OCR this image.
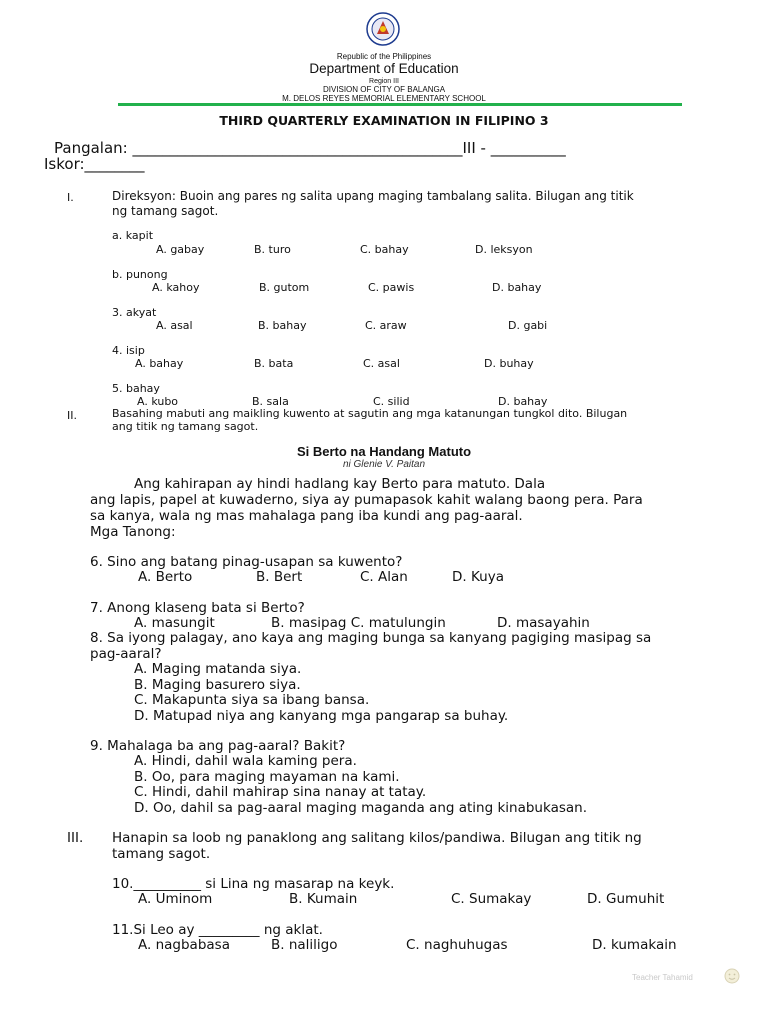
Republic of the Philippines
Department of Education
Region III
DIVISION OF CITY OF BALANGA
M. DELOS REYES MEMORIAL ELEMENTARY SCHOOL
THIRD QUARTERLY EXAMINATION IN FILIPINO 3
Pangalan: ____________________________________________III - __________
Iskor:________
I.	Direksyon: Buoin ang pares ng salita upang maging tambalang salita. Bilugan ang titik
ng tamang sagot.
a. kapit
A. gabay	B. turo	C. bahay	D. leksyon
b. punong
A. kahoy	B. gutom	C. pawis	D. bahay
3. akyat
A. asal	B. bahay	C. araw	D. gabi
4. isip
A. bahay	B. bata	C. asal	D. buhay
5. bahay
A. kubo	B. sala	C. silid	D. bahay
II.	Basahing mabuti ang maikling kuwento at sagutin ang mga katanungan tungkol dito. Bilugan
ang titik ng tamang sagot.
Si Berto na Handang Matuto
ni Glenie V. Paitan
Ang kahirapan ay hindi hadlang kay Berto para matuto. Dala
ang lapis, papel at kuwaderno, siya ay pumapasok kahit walang baong pera. Para
sa kanya, wala ng mas mahalaga pang iba kundi ang pag-aaral.
Mga Tanong:
6. Sino ang batang pinag-usapan sa kuwento?
A. Berto	B. Bert	C. Alan	D. Kuya
7. Anong klaseng bata si Berto?
A. masungit	B. masipag C. matulungin	D. masayahin
8. Sa iyong palagay, ano kaya ang maging bunga sa kanyang pagiging masipag sa
pag-aaral?
A. Maging matanda siya.
B. Maging basurero siya.
C. Makapunta siya sa ibang bansa.
D. Matupad niya ang kanyang mga pangarap sa buhay.
9. Mahalaga ba ang pag-aaral? Bakit?
A. Hindi, dahil wala kaming pera.
B. Oo, para maging mayaman na kami.
C. Hindi, dahil mahirap sina nanay at tatay.
D. Oo, dahil sa pag-aaral maging maganda ang ating kinabukasan.
III. Hanapin sa loob ng panaklong ang salitang kilos/pandiwa. Bilugan ang titik ng
tamang sagot.
10.__________ si Lina ng masarap na keyk.
A. Uminom	B. Kumain	C. Sumakay	D. Gumuhit
11.Si Leo ay _________ ng aklat.
A. nagbabasa	B. naliligo	C. naghuhugas	D. kumakain
Teacher Tahamid
